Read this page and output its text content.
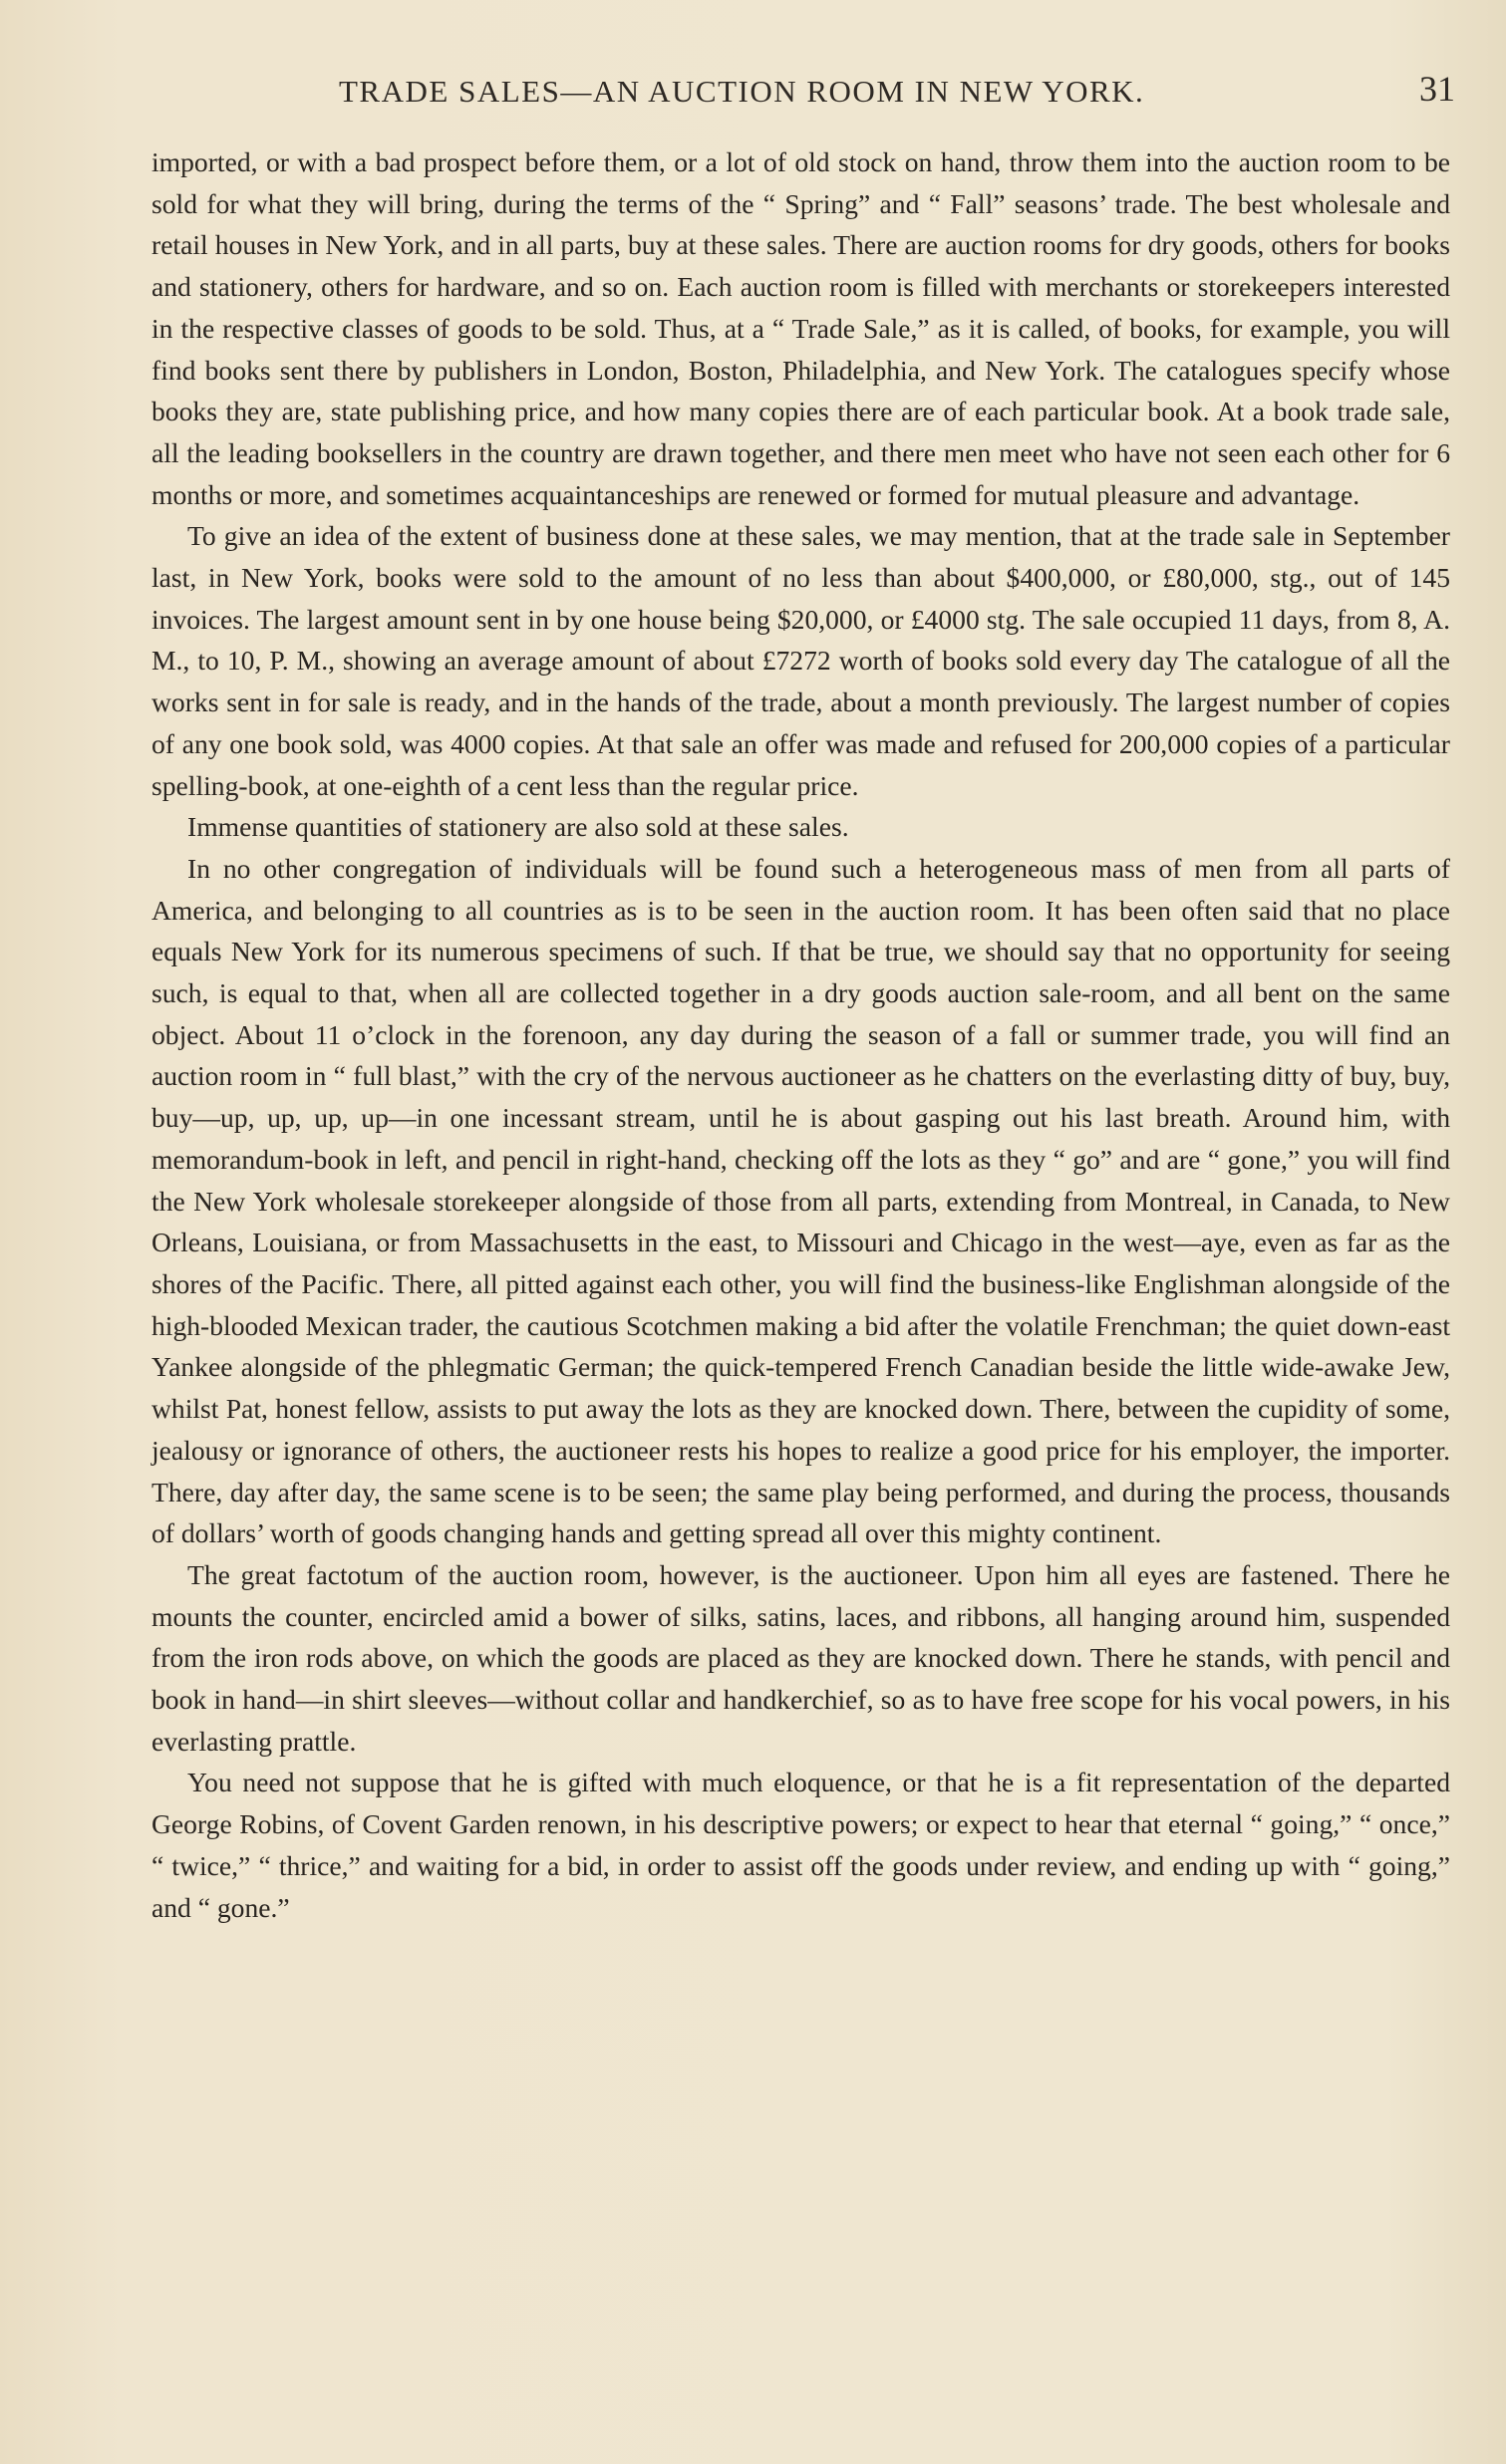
TRADE SALES—AN AUCTION ROOM IN NEW YORK.	31

imported, or with a bad prospect before them, or a lot of old stock on hand, throw them into the auction room to be sold for what they will bring, during the terms of the “ Spring” and “ Fall” seasons’ trade. The best wholesale and retail houses in New York, and in all parts, buy at these sales. There are auction rooms for dry goods, others for books and stationery, others for hardware, and so on. Each auction room is filled with merchants or storekeepers interested in the respective classes of goods to be sold. Thus, at a “ Trade Sale,” as it is called, of books, for example, you will find books sent there by publishers in London, Boston, Philadelphia, and New York. The catalogues specify whose books they are, state publishing price, and how many copies there are of each particular book. At a book trade sale, all the leading booksellers in the country are drawn together, and there men meet who have not seen each other for 6 months or more, and sometimes acquaintanceships are renewed or formed for mutual pleasure and advantage.

To give an idea of the extent of business done at these sales, we may mention, that at the trade sale in September last, in New York, books were sold to the amount of no less than about $400,000, or £80,000, stg., out of 145 invoices. The largest amount sent in by one house being $20,000, or £4000 stg. The sale occupied 11 days, from 8, A. M., to 10, P. M., showing an average amount of about £7272 worth of books sold every day The catalogue of all the works sent in for sale is ready, and in the hands of the trade, about a month previously. The largest number of copies of any one book sold, was 4000 copies. At that sale an offer was made and refused for 200,000 copies of a particular spelling-book, at one-eighth of a cent less than the regular price.

Immense quantities of stationery are also sold at these sales.

In no other congregation of individuals will be found such a heterogeneous mass of men from all parts of America, and belonging to all countries as is to be seen in the auction room. It has been often said that no place equals New York for its numerous specimens of such. If that be true, we should say that no opportunity for seeing such, is equal to that, when all are collected together in a dry goods auction sale-room, and all bent on the same object. About 11 o’clock in the forenoon, any day during the season of a fall or summer trade, you will find an auction room in “ full blast,” with the cry of the nervous auctioneer as he chatters on the everlasting ditty of buy, buy, buy—up, up, up, up—in one incessant stream, until he is about gasping out his last breath. Around him, with memorandum-book in left, and pencil in right-hand, checking off the lots as they “ go” and are “ gone,” you will find the New York wholesale storekeeper alongside of those from all parts, extending from Montreal, in Canada, to New Orleans, Louisiana, or from Massachusetts in the east, to Missouri and Chicago in the west—aye, even as far as the shores of the Pacific. There, all pitted against each other, you will find the business-like Englishman alongside of the high-blooded Mexican trader, the cautious Scotchmen making a bid after the volatile Frenchman; the quiet down-east Yankee alongside of the phlegmatic German; the quick-tempered French Canadian beside the little wide-awake Jew, whilst Pat, honest fellow, assists to put away the lots as they are knocked down. There, between the cupidity of some, jealousy or ignorance of others, the auctioneer rests his hopes to realize a good price for his employer, the importer. There, day after day, the same scene is to be seen; the same play being performed, and during the process, thousands of dollars’ worth of goods changing hands and getting spread all over this mighty continent.

The great factotum of the auction room, however, is the auctioneer. Upon him all eyes are fastened. There he mounts the counter, encircled amid a bower of silks, satins, laces, and ribbons, all hanging around him, suspended from the iron rods above, on which the goods are placed as they are knocked down. There he stands, with pencil and book in hand—in shirt sleeves—without collar and handkerchief, so as to have free scope for his vocal powers, in his everlasting prattle.

You need not suppose that he is gifted with much eloquence, or that he is a fit representation of the departed George Robins, of Covent Garden renown, in his descriptive powers; or expect to hear that eternal “ going,” “ once,” “ twice,” “ thrice,” and waiting for a bid, in order to assist off the goods under review, and ending up with “ going,” and “ gone.”
